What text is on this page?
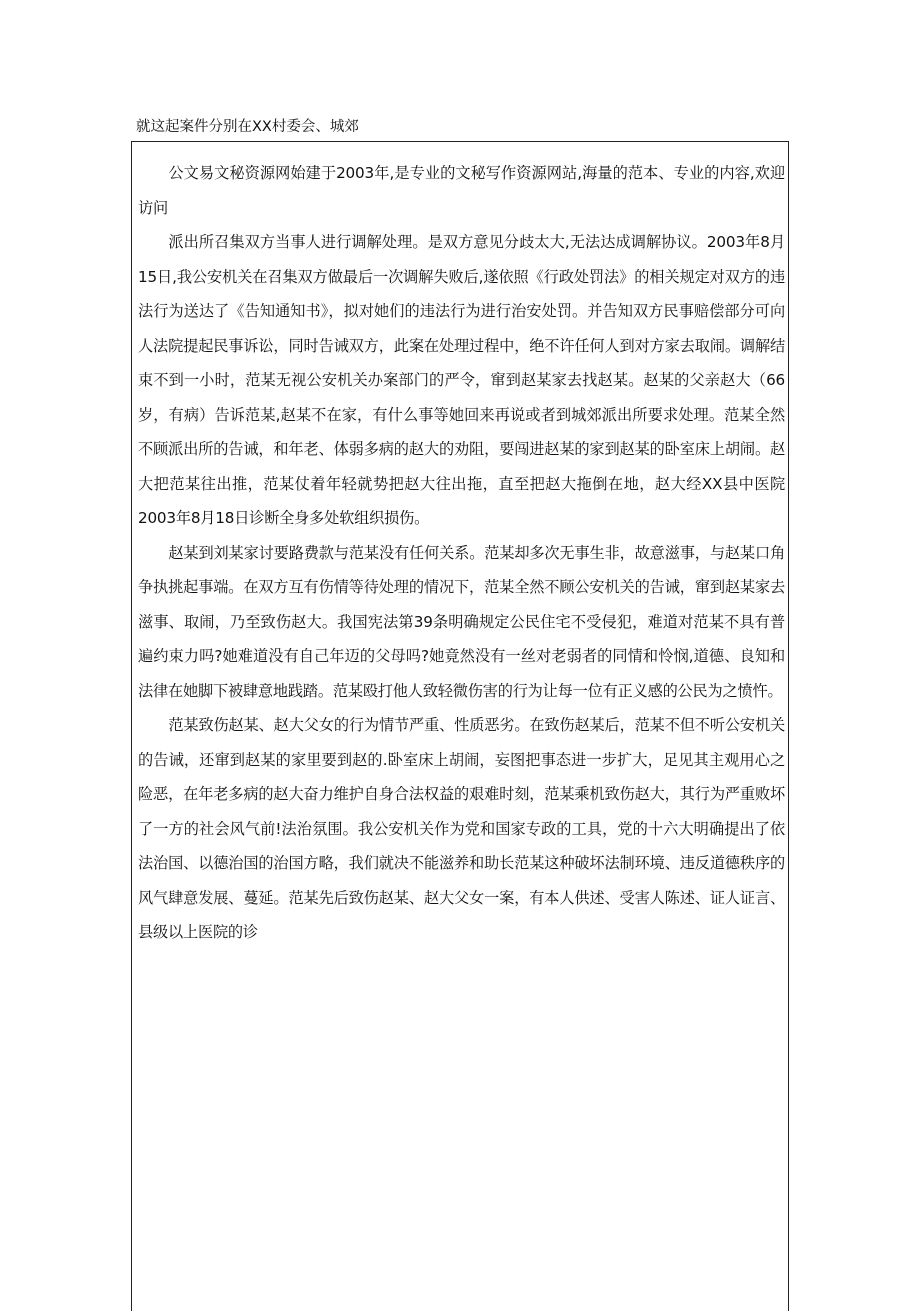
就这起案件分别在XX村委会、城郊

公文易文秘资源网始建于2003年,是专业的文秘写作资源网站,海量的范本、专业的内容,欢迎访问

派出所召集双方当事人进行调解处理。是双方意见分歧太大,无法达成调解协议。2003年8月15日,我公安机关在召集双方做最后一次调解失败后,遂依照《行政处罚法》的相关规定对双方的违法行为送达了《告知通知书》，拟对她们的违法行为进行治安处罚。并告知双方民事赔偿部分可向人法院提起民事诉讼，同时告诫双方，此案在处理过程中，绝不许任何人到对方家去取闹。调解结束不到一小时，范某无视公安机关办案部门的严令，窜到赵某家去找赵某。赵某的父亲赵大（66岁，有病）告诉范某,赵某不在家，有什么事等她回来再说或者到城郊派出所要求处理。范某全然不顾派出所的告诫，和年老、体弱多病的赵大的劝阻，要闯进赵某的家到赵某的卧室床上胡闹。赵大把范某往出推，范某仗着年轻就势把赵大往出拖，直至把赵大拖倒在地，赵大经XX县中医院2003年8月18日诊断全身多处软组织损伤。

赵某到刘某家讨要路费款与范某没有任何关系。范某却多次无事生非，故意滋事，与赵某口角争执挑起事端。在双方互有伤情等待处理的情况下，范某全然不顾公安机关的告诫，窜到赵某家去滋事、取闹，乃至致伤赵大。我国宪法第39条明确规定公民住宅不受侵犯，难道对范某不具有普遍约束力吗?她难道没有自己年迈的父母吗?她竟然没有一丝对老弱者的同情和怜悯,道德、良知和法律在她脚下被肆意地践踏。范某殴打他人致轻微伤害的行为让每一位有正义感的公民为之愤忤。

范某致伤赵某、赵大父女的行为情节严重、性质恶劣。在致伤赵某后，范某不但不听公安机关的告诫，还窜到赵某的家里要到赵的.卧室床上胡闹，妄图把事态进一步扩大，足见其主观用心之险恶，在年老多病的赵大奋力维护自身合法权益的艰难时刻，范某乘机致伤赵大，其行为严重败坏了一方的社会风气前!法治氛围。我公安机关作为党和国家专政的工具，党的十六大明确提出了依法治国、以德治国的治国方略，我们就决不能滋养和助长范某这种破坏法制环境、违反道德秩序的风气肆意发展、蔓延。范某先后致伤赵某、赵大父女一案，有本人供述、受害人陈述、证人证言、县级以上医院的诊
